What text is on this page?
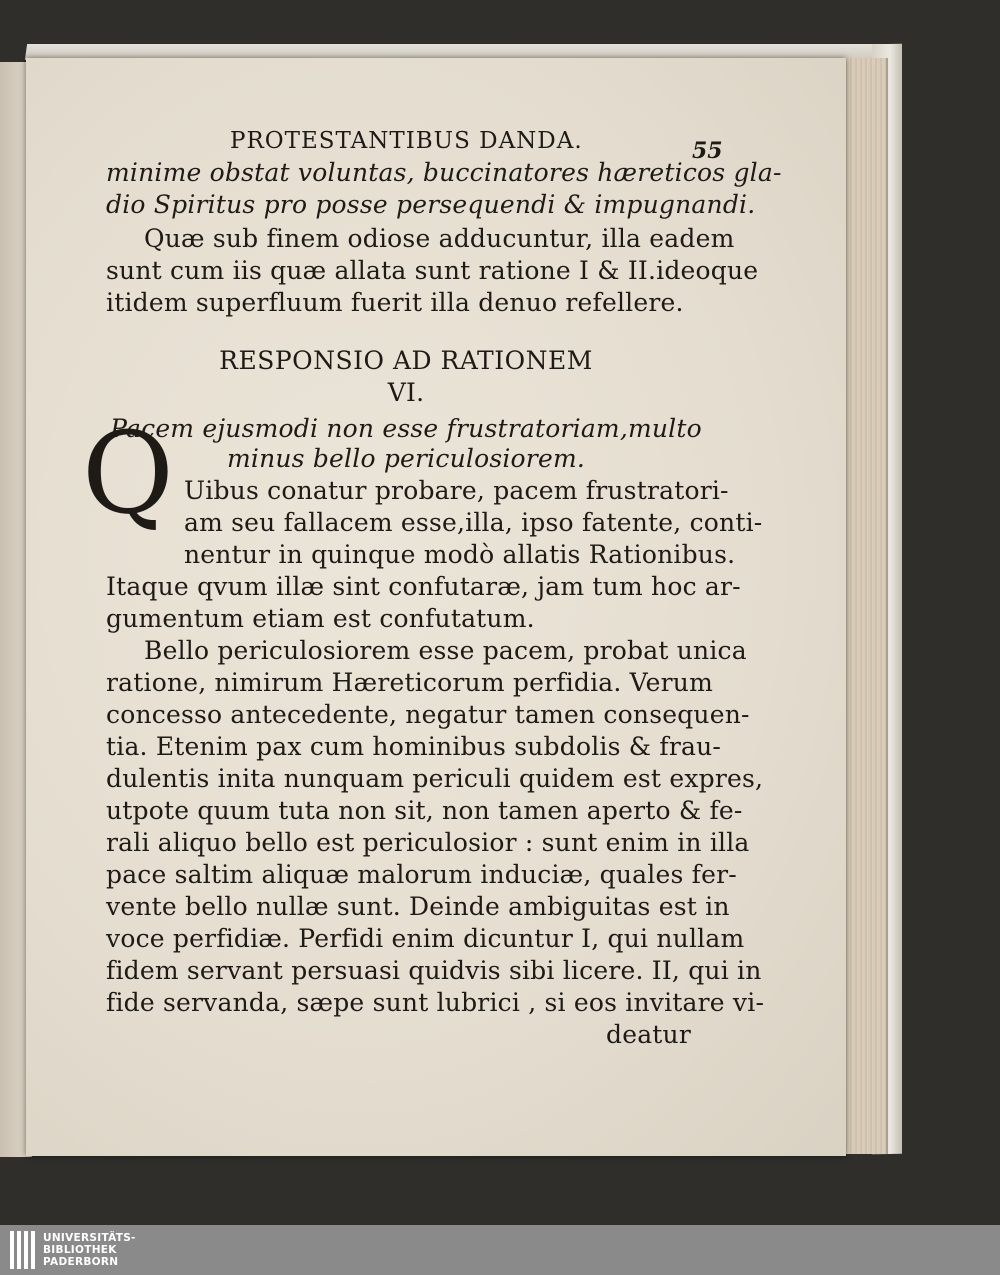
PROTESTANTIBUS DANDA.
minime obstat voluntas, buccinatores hæreticos gla-
dio Spiritus pro posse persequendi & impugnandi.
Quæ sub finem odiose adducuntur, illa eadem
sunt cum iis quæ allata sunt ratione I & II.ideoque
itidem superfluum fuerit illa denuo refellere.
RESPONSIO AD RATIONEM
VI.
Pacem ejusmodi non esse frustratoriam,multo
minus bello periculosiorem.
Uibus conatur probare, pacem frustratori-
am seu fallacem esse,illa, ipso fatente, conti-
nentur in quinque modò allatis Rationibus.
Itaque qvum illæ sint confutaræ, jam tum hoc ar-
gumentum etiam est confutatum.
Bello periculosiorem esse pacem, probat unica
ratione, nimirum Hæreticorum perfidia. Verum
concesso antecedente, negatur tamen consequen-
tia. Etenim pax cum hominibus subdolis & frau-
dulentis inita nunquam periculi quidem est expres,
utpote quum tuta non sit, non tamen aperto & fe-
rali aliquo bello est periculosior : sunt enim in illa
pace saltim aliquæ malorum induciæ, quales fer-
vente bello nullæ sunt. Deinde ambiguitas est in
voce perfidiæ. Perfidi enim dicuntur I, qui nullam
fidem servant persuasi quidvis sibi licere. II, qui in
fide servanda, sæpe sunt lubrici , si eos invitare vi-
deatur
55
Q
UNIVERSITÄTS-
BIBLIOTHEK
PADERBORN
